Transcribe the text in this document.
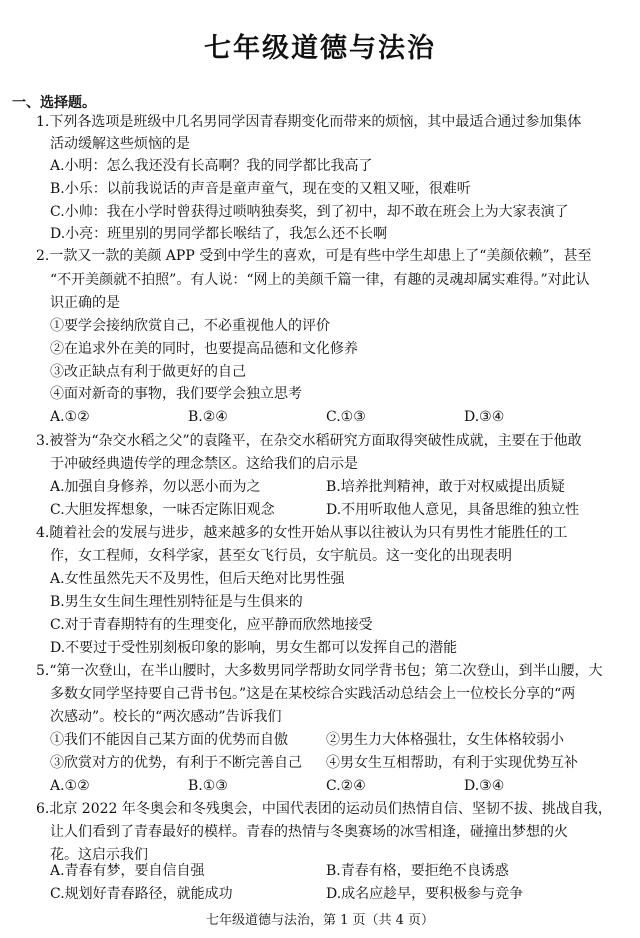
七年级道德与法治
一、选择题。
1.下列各选项是班级中几名男同学因青春期变化而带来的烦恼，其中最适合通过参加集体
活动缓解这些烦恼的是
A.小明：怎么我还没有长高啊？我的同学都比我高了
B.小乐：以前我说话的声音是童声童气，现在变的又粗又哑，很难听
C.小帅：我在小学时曾获得过唢呐独奏奖，到了初中，却不敢在班会上为大家表演了
D.小亮：班里别的男同学都长喉结了，我怎么还不长啊
2.一款又一款的美颜 APP 受到中学生的喜欢，可是有些中学生却患上了“美颜依赖”，甚至
“不开美颜就不拍照”。有人说：“网上的美颜千篇一律，有趣的灵魂却属实难得。”对此认
识正确的是
①要学会接纳欣赏自己，不必重视他人的评价
②在追求外在美的同时，也要提高品德和文化修养
③改正缺点有利于做更好的自己
④面对新奇的事物，我们要学会独立思考
A.①②	B.②④	C.①③	D.③④
3.被誉为“杂交水稻之父”的袁隆平，在杂交水稻研究方面取得突破性成就，主要在于他敢
于冲破经典遗传学的理念禁区。这给我们的启示是
A.加强自身修养，勿以恶小而为之	B.培养批判精神，敢于对权威提出质疑
C.大胆发挥想象，一味否定陈旧观念	D.不用听取他人意见，具备思维的独立性
4.随着社会的发展与进步，越来越多的女性开始从事以往被认为只有男性才能胜任的工
作，女工程师，女科学家，甚至女飞行员，女宇航员。这一变化的出现表明
A.女性虽然先天不及男性，但后天绝对比男性强
B.男生女生间生理性别特征是与生俱来的
C.对于青春期特有的生理变化，应平静而欣然地接受
D.不要过于受性别刻板印象的影响，男女生都可以发挥自己的潜能
5.“第一次登山，在半山腰时，大多数男同学帮助女同学背书包；第二次登山，到半山腰，大
多数女同学坚持要自己背书包。”这是在某校综合实践活动总结会上一位校长分享的“两
次感动”。校长的“两次感动”告诉我们
①我们不能因自己某方面的优势而自傲	②男生力大体格强壮，女生体格较弱小
③欣赏对方的优势，有利于不断完善自己 ④男女生互相帮助，有利于实现优势互补
A.①②	B.①③	C.②④	D.③④
6.北京 2022 年冬奥会和冬残奥会，中国代表团的运动员们热情自信、坚韧不拔、挑战自我，
让人们看到了青春最好的模样。青春的热情与冬奥赛场的冰雪相逢，碰撞出梦想的火
花。这启示我们
A.青春有梦，要自信自强	B.青春有格，要拒绝不良诱惑
C.规划好青春路径，就能成功	D.成名应趁早，要积极参与竞争
七年级道德与法治，第 1 页（共 4 页）
